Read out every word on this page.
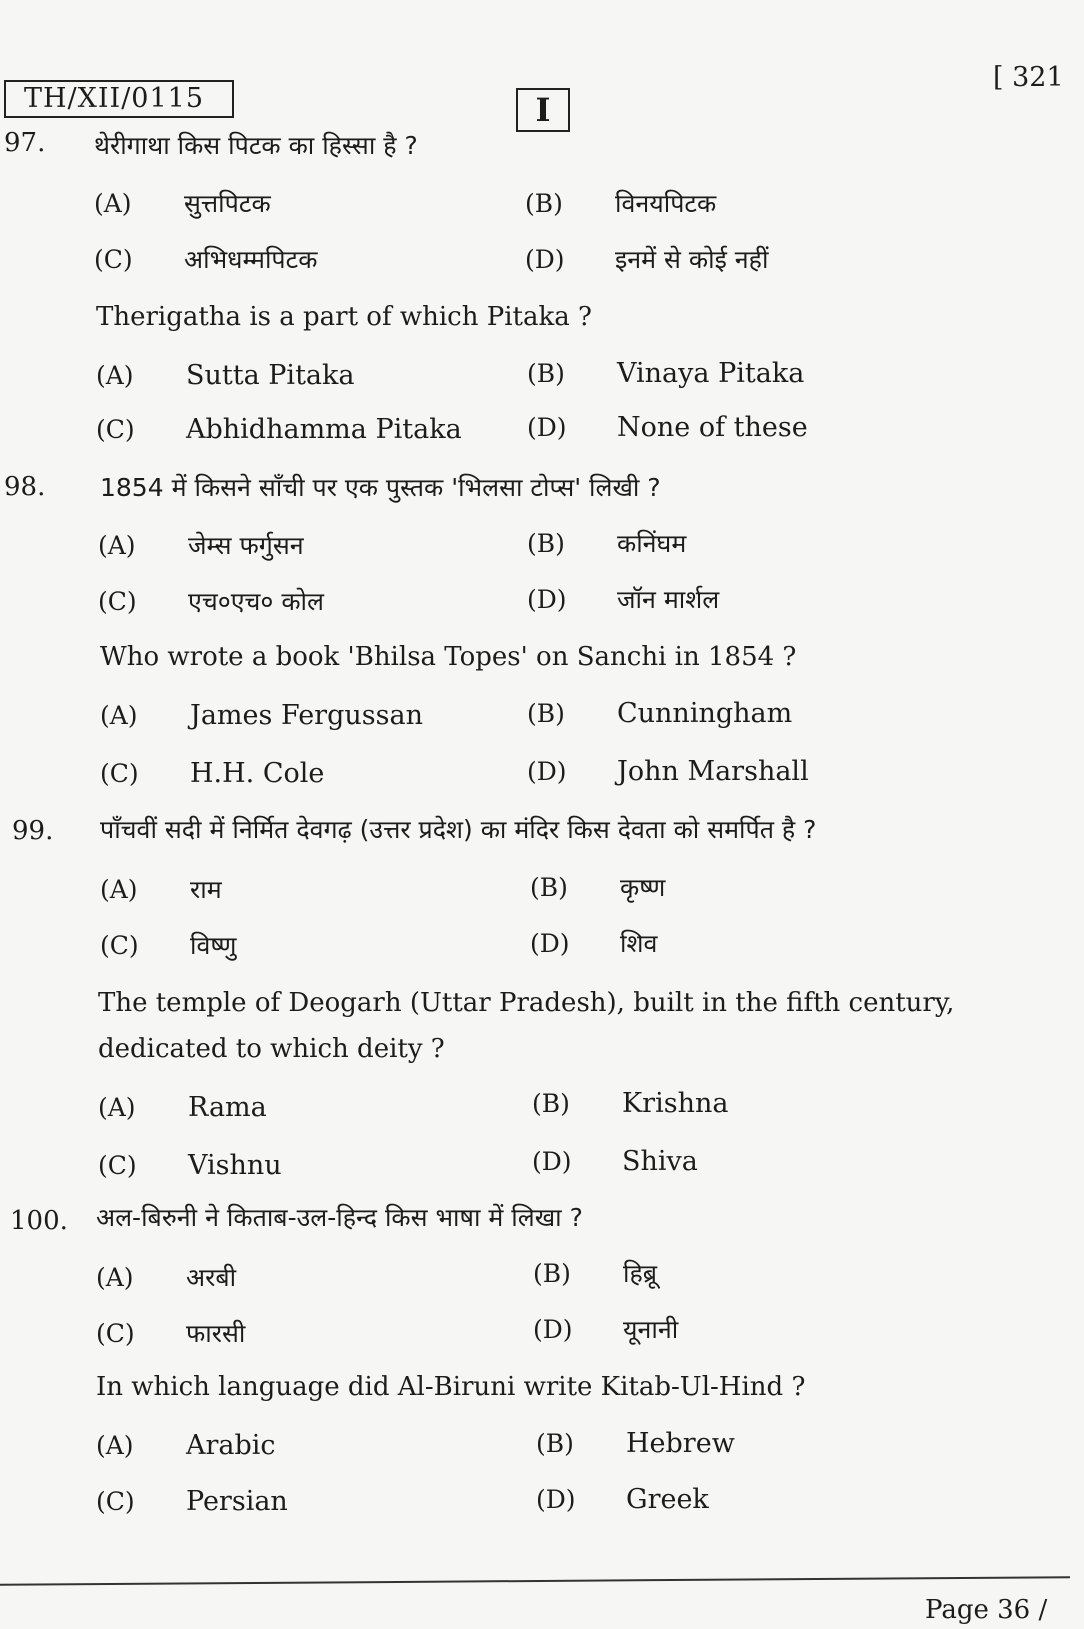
TH/XII/0115	I
[ 321
97. थेरीगाथा किस पिटक का हिस्सा है ?
(A)	सुत्तपिटक	(B)	विनयपिटक
(C)	अभिधम्मपिटक	(D)	इनमें से कोई नहीं
Therigatha is a part of which Pitaka ?
(A)	Sutta Pitaka	(B)	Vinaya Pitaka
(C)	Abhidhamma Pitaka	(D)	None of these
98. 1854 में किसने साँची पर एक पुस्तक 'भिलसा टोप्स' लिखी ?
(A)	जेम्स फर्गुसन	(B)	कनिंघम
(C)	एच०एच० कोल	(D)	जॉन मार्शल
Who wrote a book 'Bhilsa Topes' on Sanchi in 1854 ?
(A)	James Fergussan	(B)	Cunningham
(C)	H.H. Cole	(D)	John Marshall
99. पाँचवीं सदी में निर्मित देवगढ़ (उत्तर प्रदेश) का मंदिर किस देवता को समर्पित है ?
(A)	राम	(B)	कृष्ण
(C)	विष्णु	(D)	शिव
The temple of Deogarh (Uttar Pradesh), built in the fifth century, dedicated to which deity ?
(A)	Rama	(B)	Krishna
(C)	Vishnu	(D)	Shiva
100. अल-बिरुनी ने किताब-उल-हिन्द किस भाषा में लिखा ?
(A)	अरबी	(B)	हिब्रू
(C)	फारसी	(D)	यूनानी
In which language did Al-Biruni write Kitab-Ul-Hind ?
(A)	Arabic	(B)	Hebrew
(C)	Persian	(D)	Greek
Page 36 /
